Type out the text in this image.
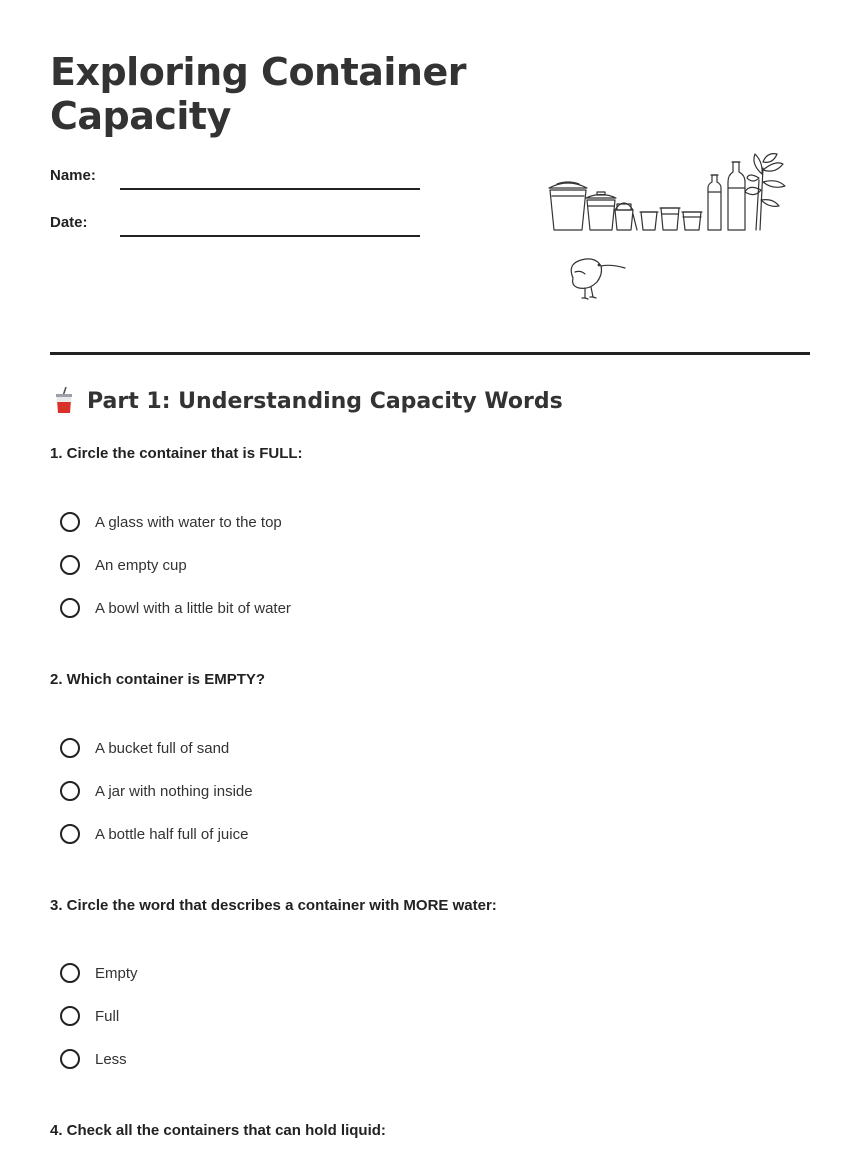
Exploring Container Capacity
Name:
Date:
Part 1: Understanding Capacity Words

1. Circle the container that is FULL:

A glass with water to the top
An empty cup
A bowl with a little bit of water

2. Which container is EMPTY?

A bucket full of sand
A jar with nothing inside
A bottle half full of juice

3. Circle the word that describes a container with MORE water:

Empty
Full
Less

4. Check all the containers that can hold liquid:
